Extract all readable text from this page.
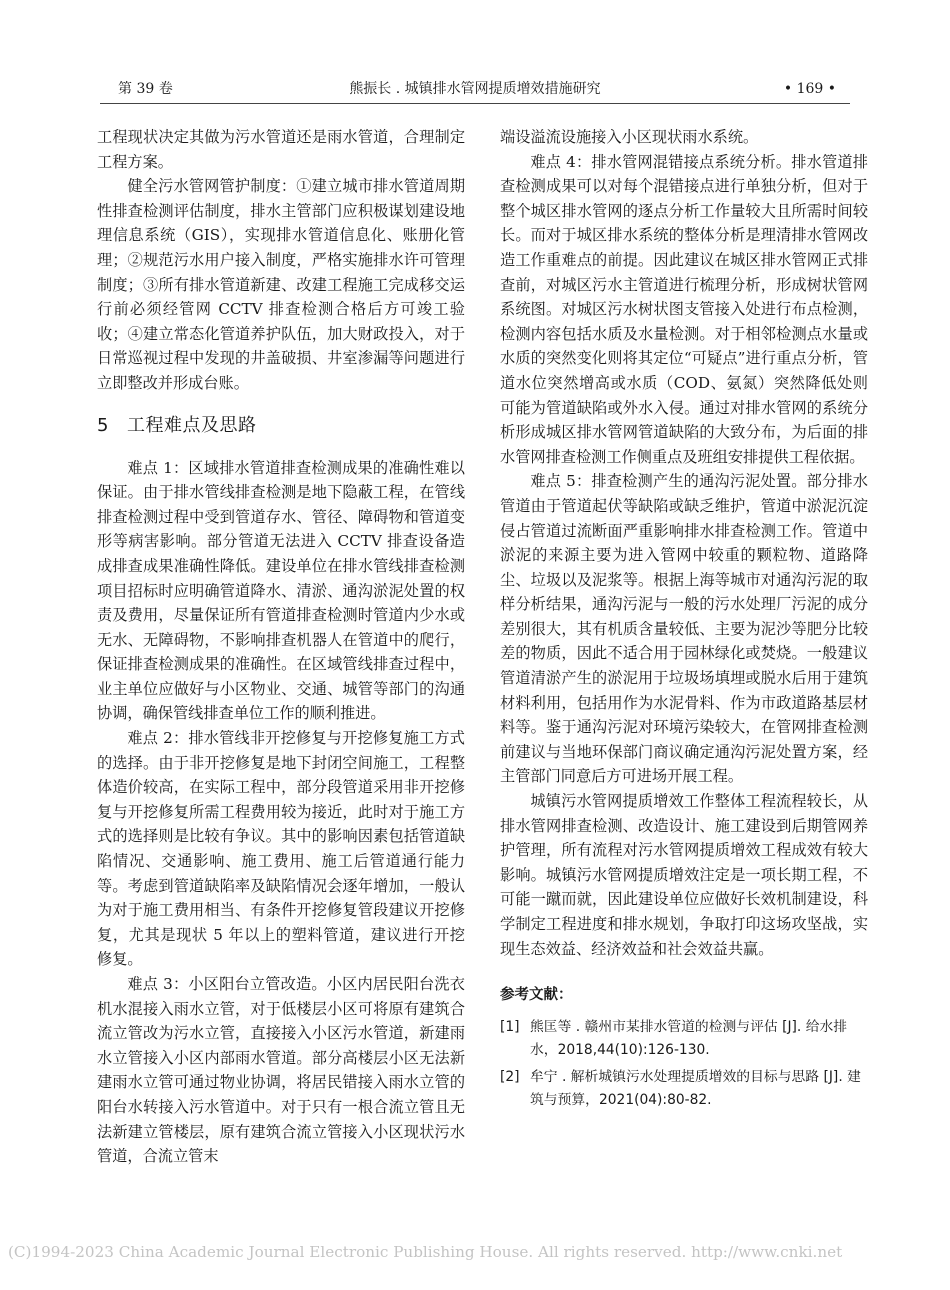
第 39 卷	熊振长 . 城镇排水管网提质增效措施研究	• 169 •

工程现状决定其做为污水管道还是雨水管道，合理制定工程方案。

健全污水管网管护制度：①建立城市排水管道周期性排查检测评估制度，排水主管部门应积极谋划建设地理信息系统（GIS），实现排水管道信息化、账册化管理；②规范污水用户接入制度，严格实施排水许可管理制度；③所有排水管道新建、改建工程施工完成移交运行前必须经管网 CCTV 排查检测合格后方可竣工验收；④建立常态化管道养护队伍，加大财政投入，对于日常巡视过程中发现的井盖破损、井室渗漏等问题进行立即整改并形成台账。

5 工程难点及思路

难点 1：区域排水管道排查检测成果的准确性难以保证。由于排水管线排查检测是地下隐蔽工程，在管线排查检测过程中受到管道存水、管径、障碍物和管道变形等病害影响。部分管道无法进入 CCTV 排查设备造成排查成果准确性降低。建设单位在排水管线排查检测项目招标时应明确管道降水、清淤、通沟淤泥处置的权责及费用，尽量保证所有管道排查检测时管道内少水或无水、无障碍物，不影响排查机器人在管道中的爬行，保证排查检测成果的准确性。在区域管线排查过程中，业主单位应做好与小区物业、交通、城管等部门的沟通协调，确保管线排查单位工作的顺利推进。

难点 2：排水管线非开挖修复与开挖修复施工方式的选择。由于非开挖修复是地下封闭空间施工，工程整体造价较高，在实际工程中，部分段管道采用非开挖修复与开挖修复所需工程费用较为接近，此时对于施工方式的选择则是比较有争议。其中的影响因素包括管道缺陷情况、交通影响、施工费用、施工后管道通行能力等。考虑到管道缺陷率及缺陷情况会逐年增加，一般认为对于施工费用相当、有条件开挖修复管段建议开挖修复，尤其是现状 5 年以上的塑料管道，建议进行开挖修复。

难点 3：小区阳台立管改造。小区内居民阳台洗衣机水混接入雨水立管，对于低楼层小区可将原有建筑合流立管改为污水立管，直接接入小区污水管道，新建雨水立管接入小区内部雨水管道。部分高楼层小区无法新建雨水立管可通过物业协调，将居民错接入雨水立管的阳台水转接入污水管道中。对于只有一根合流立管且无法新建立管楼层，原有建筑合流立管接入小区现状污水管道，合流立管末

端设溢流设施接入小区现状雨水系统。

难点 4：排水管网混错接点系统分析。排水管道排查检测成果可以对每个混错接点进行单独分析，但对于整个城区排水管网的逐点分析工作量较大且所需时间较长。而对于城区排水系统的整体分析是理清排水管网改造工作重难点的前提。因此建议在城区排水管网正式排查前，对城区污水主管道进行梳理分析，形成树状管网系统图。对城区污水树状图支管接入处进行布点检测，检测内容包括水质及水量检测。对于相邻检测点水量或水质的突然变化则将其定位“可疑点”进行重点分析，管道水位突然增高或水质（COD、氨氮）突然降低处则可能为管道缺陷或外水入侵。通过对排水管网的系统分析形成城区排水管网管道缺陷的大致分布，为后面的排水管网排查检测工作侧重点及班组安排提供工程依据。

难点 5：排查检测产生的通沟污泥处置。部分排水管道由于管道起伏等缺陷或缺乏维护，管道中淤泥沉淀侵占管道过流断面严重影响排水排查检测工作。管道中淤泥的来源主要为进入管网中较重的颗粒物、道路降尘、垃圾以及泥浆等。根据上海等城市对通沟污泥的取样分析结果，通沟污泥与一般的污水处理厂污泥的成分差别很大，其有机质含量较低、主要为泥沙等肥分比较差的物质，因此不适合用于园林绿化或焚烧。一般建议管道清淤产生的淤泥用于垃圾场填埋或脱水后用于建筑材料利用，包括用作为水泥骨料、作为市政道路基层材料等。鉴于通沟污泥对环境污染较大，在管网排查检测前建议与当地环保部门商议确定通沟污泥处置方案，经主管部门同意后方可进场开展工程。

城镇污水管网提质增效工作整体工程流程较长，从排水管网排查检测、改造设计、施工建设到后期管网养护管理，所有流程对污水管网提质增效工程成效有较大影响。城镇污水管网提质增效注定是一项长期工程，不可能一蹴而就，因此建设单位应做好长效机制建设，科学制定工程进度和排水规划，争取打印这场攻坚战，实现生态效益、经济效益和社会效益共赢。

参考文献：
[1] 熊匡等 . 赣州市某排水管道的检测与评估 [J]. 给水排水，2018,44(10):126-130.
[2] 牟宁 . 解析城镇污水处理提质增效的目标与思路 [J]. 建筑与预算，2021(04):80-82.
(C)1994-2023 China Academic Journal Electronic Publishing House. All rights reserved. http://www.cnki.net
